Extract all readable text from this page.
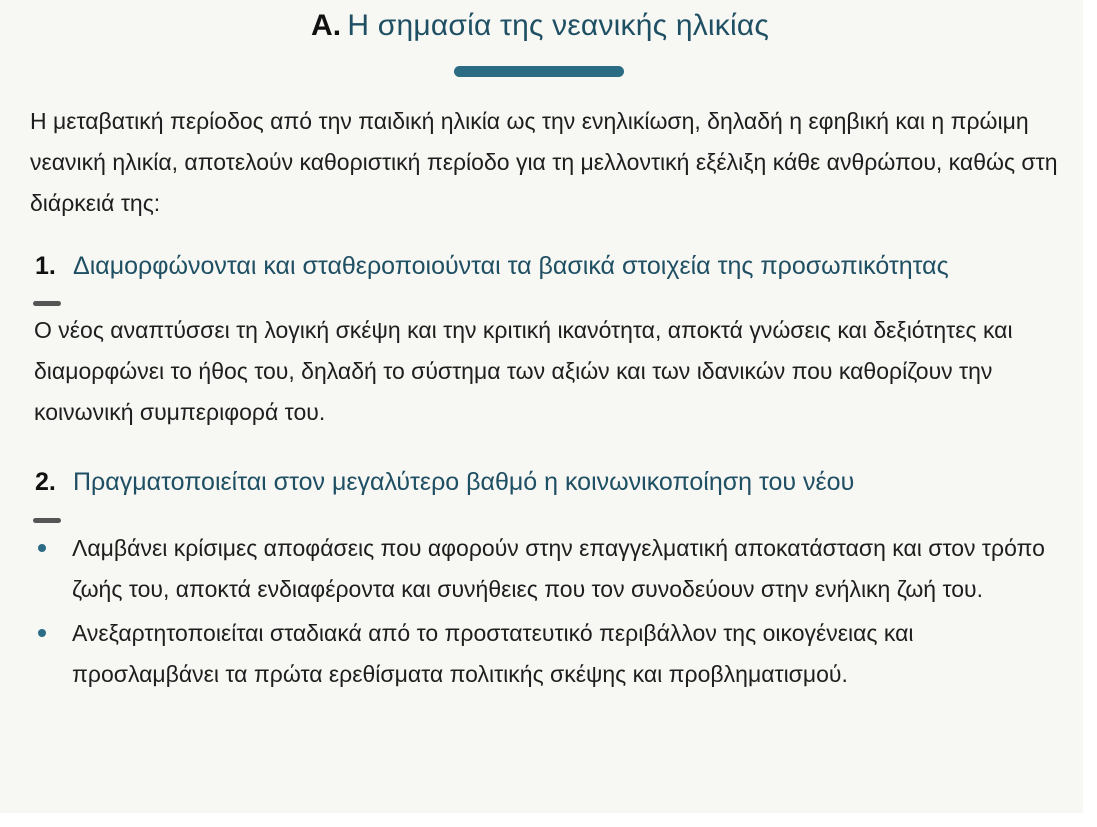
Α. Η σημασία της νεανικής ηλικίας

Η μεταβατική περίοδος από την παιδική ηλικία ως την ενηλικίωση, δηλαδή η εφηβική και η πρώιμη νεανική ηλικία, αποτελούν καθοριστική περίοδο για τη μελλοντική εξέλιξη κάθε ανθρώπου, καθώς στη διάρκειά της:

1. Διαμορφώνονται και σταθεροποιούνται τα βασικά στοιχεία της προσωπικότητας

Ο νέος αναπτύσσει τη λογική σκέψη και την κριτική ικανότητα, αποκτά γνώσεις και δεξιότητες και διαμορφώνει το ήθος του, δηλαδή το σύστημα των αξιών και των ιδανικών που καθορίζουν την κοινωνική συμπεριφορά του.

2. Πραγματοποιείται στον μεγαλύτερο βαθμό η κοινωνικοποίηση του νέου
Λαμβάνει κρίσιμες αποφάσεις που αφορούν στην επαγγελματική αποκατάσταση και στον τρόπο ζωής του, αποκτά ενδιαφέροντα και συνήθειες που τον συνοδεύουν στην ενήλικη ζωή του.
Ανεξαρτητοποιείται σταδιακά από το προστατευτικό περιβάλλον της οικογένειας και προσλαμβάνει τα πρώτα ερεθίσματα πολιτικής σκέψης και προβληματισμού.
